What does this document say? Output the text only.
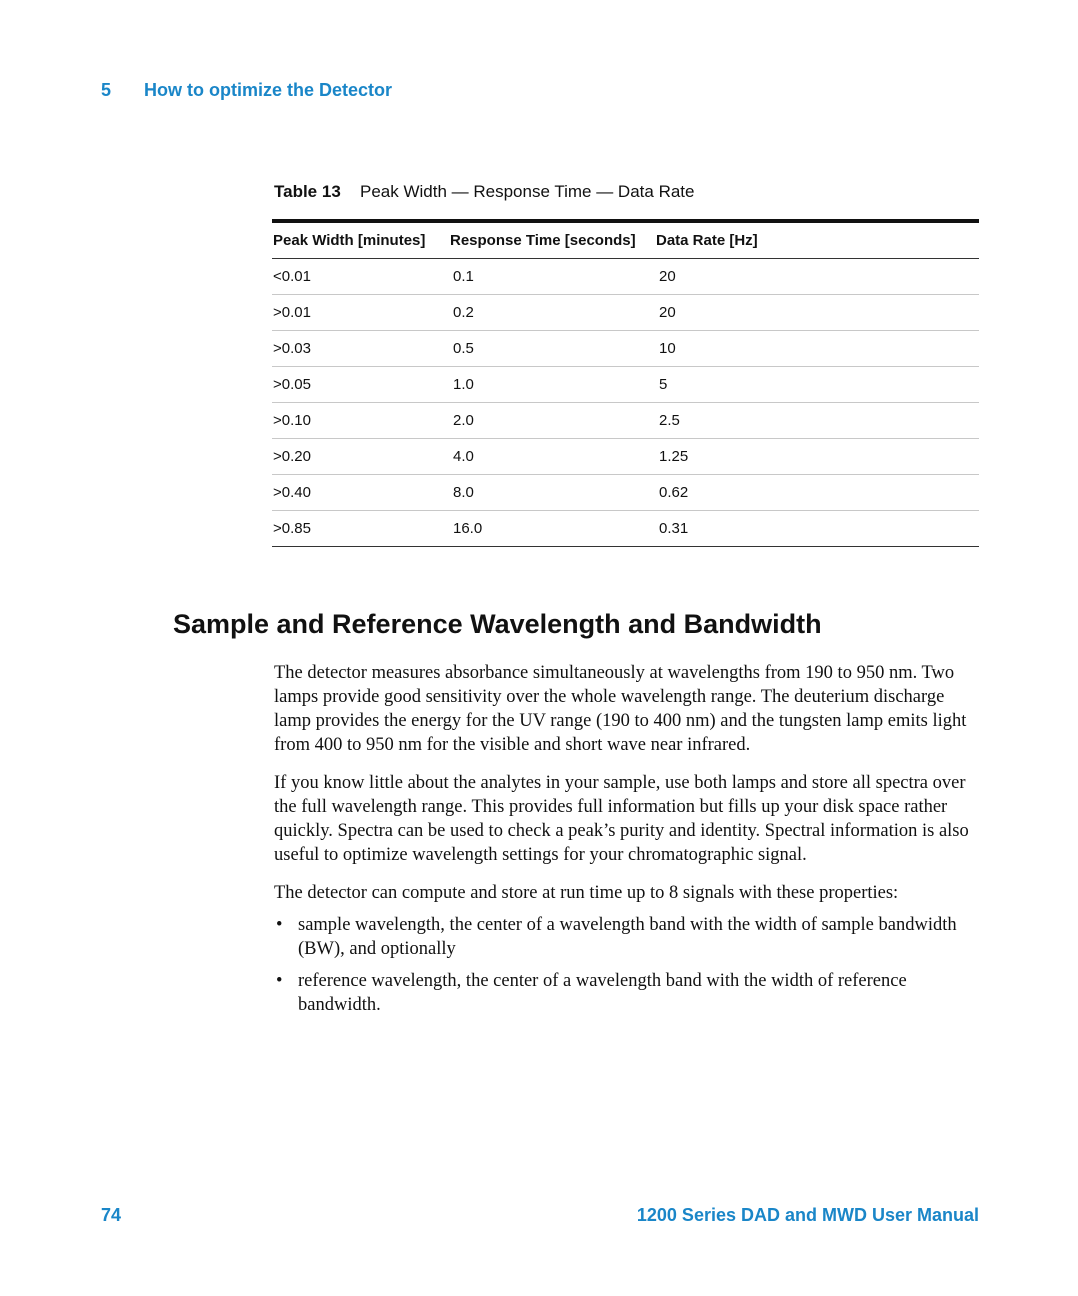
5	How to optimize the Detector
Table 13	Peak Width — Response Time — Data Rate
Peak Width [minutes]	Response Time [seconds]	Data Rate [Hz]
<0.01	0.1	20
>0.01	0.2	20
>0.03	0.5	10
>0.05	1.0	5
>0.10	2.0	2.5
>0.20	4.0	1.25
>0.40	8.0	0.62
>0.85	16.0	0.31
Sample and Reference Wavelength and Bandwidth

The detector measures absorbance simultaneously at wavelengths from 190 to 950 nm. Two lamps provide good sensitivity over the whole wavelength range. The deuterium discharge lamp provides the energy for the UV range (190 to 400 nm) and the tungsten lamp emits light from 400 to 950 nm for the visible and short wave near infrared.

If you know little about the analytes in your sample, use both lamps and store all spectra over the full wavelength range. This provides full information but fills up your disk space rather quickly. Spectra can be used to check a peak’s purity and identity. Spectral information is also useful to optimize wavelength settings for your chromatographic signal.

The detector can compute and store at run time up to 8 signals with these properties:

• sample wavelength, the center of a wavelength band with the width of sample bandwidth (BW), and optionally
• reference wavelength, the center of a wavelength band with the width of reference bandwidth.
74	1200 Series DAD and MWD User Manual
